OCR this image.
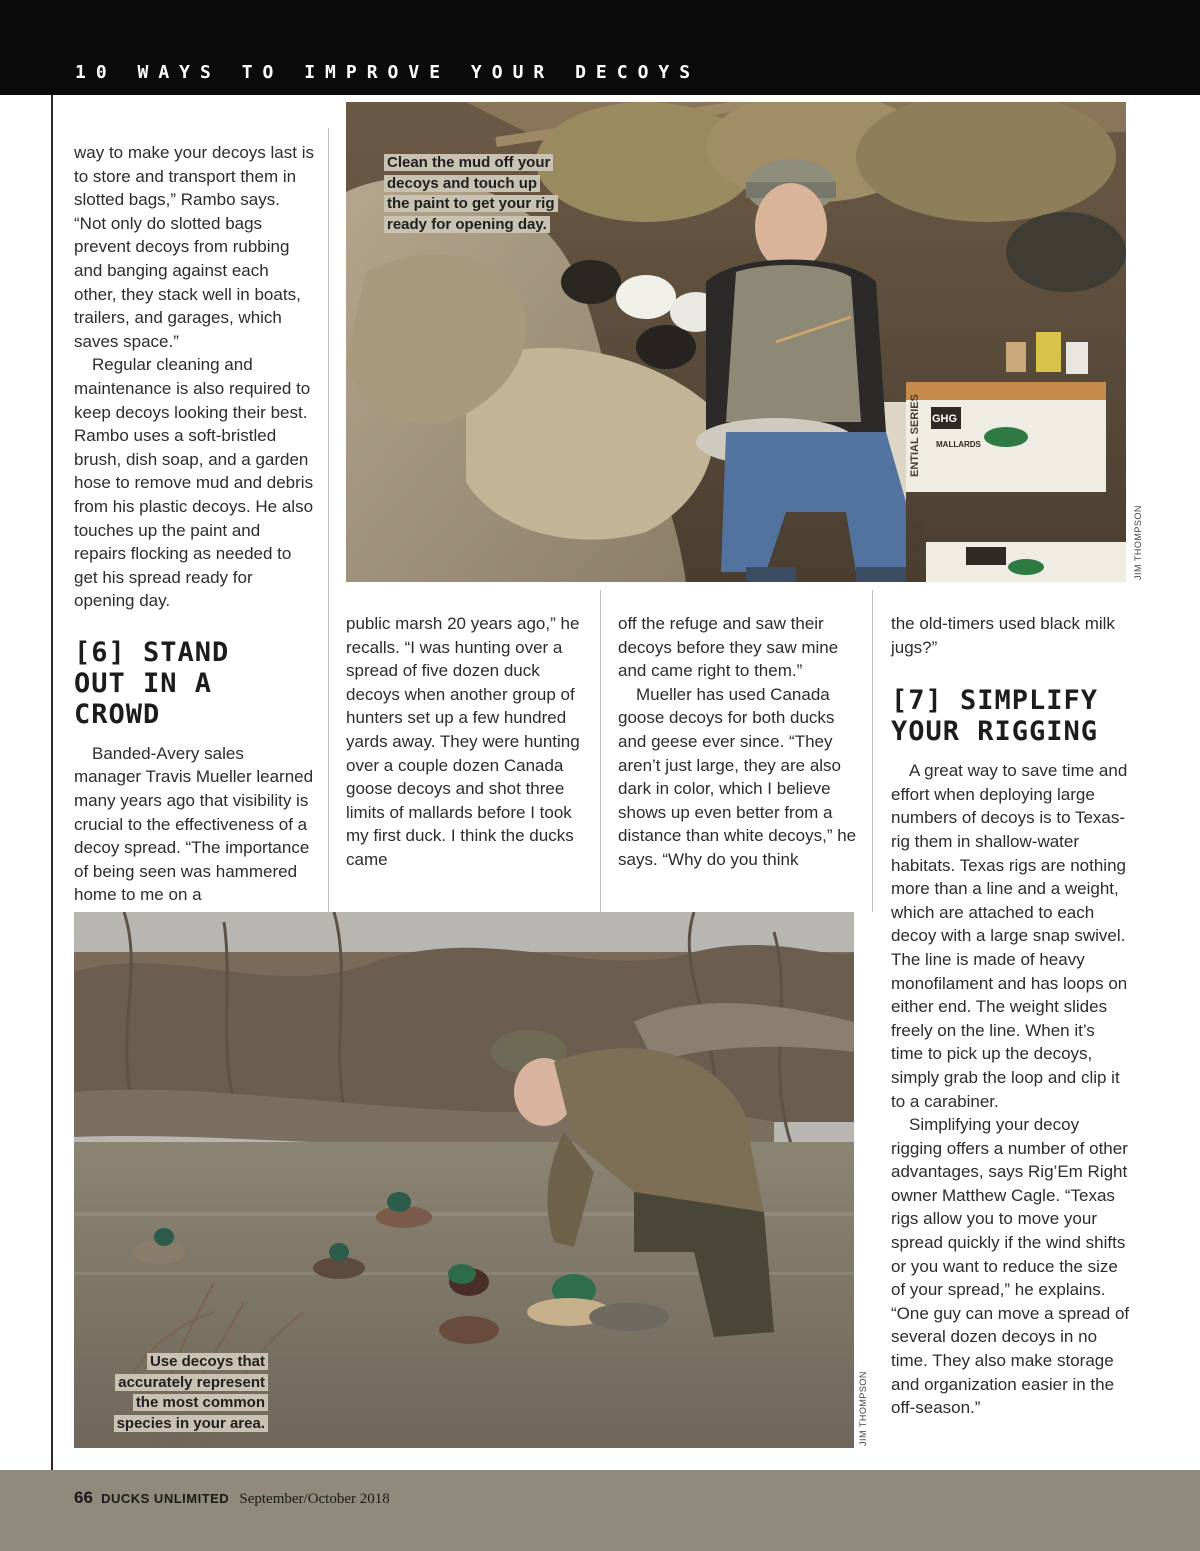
10 WAYS TO IMPROVE YOUR DECOYS

way to make your decoys last is to store and transport them in slotted bags,” Rambo says. “Not only do slotted bags prevent decoys from rubbing and banging against each other, they stack well in boats, trailers, and garages, which saves space.”

Regular cleaning and maintenance is also required to keep decoys looking their best. Rambo uses a soft-bristled brush, dish soap, and a garden hose to remove mud and debris from his plastic decoys. He also touches up the paint and repairs flocking as needed to get his spread ready for opening day.

[6] STAND OUT IN A CROWD

Banded-Avery sales manager Travis Mueller learned many years ago that visibility is crucial to the effectiveness of a decoy spread. “The importance of being seen was hammered home to me on a

GHG
MALLARDS
SERIES
ENTIAL SERIES
Clean the mud off your decoys and touch up the paint to get your rig ready for opening day.
JIM THOMPSON

public marsh 20 years ago,” he recalls. “I was hunting over a spread of five dozen duck decoys when another group of hunters set up a few hundred yards away. They were hunting over a couple dozen Canada goose decoys and shot three limits of mallards before I took my first duck. I think the ducks came

off the refuge and saw their decoys before they saw mine and came right to them.”

Mueller has used Canada goose decoys for both ducks and geese ever since. “They aren’t just large, they are also dark in color, which I believe shows up even better from a distance than white decoys,” he says. “Why do you think

the old-timers used black milk jugs?”

[7] SIMPLIFY YOUR RIGGING

A great way to save time and effort when deploying large numbers of decoys is to Texas-rig them in shallow-water habitats. Texas rigs are nothing more than a line and a weight, which are attached to each decoy with a large snap swivel. The line is made of heavy monofilament and has loops on either end. The weight slides freely on the line. When it’s time to pick up the decoys, simply grab the loop and clip it to a carabiner.

Simplifying your decoy rigging offers a number of other advantages, says Rig’Em Right owner Matthew Cagle. “Texas rigs allow you to move your spread quickly if the wind shifts or you want to reduce the size of your spread,” he explains. “One guy can move a spread of several dozen decoys in no time. They also make storage and organization easier in the off-season.”

Use decoys that accurately represent the most common species in your area.	JIM THOMPSON
66 DUCKS UNLIMITED September/October 2018
